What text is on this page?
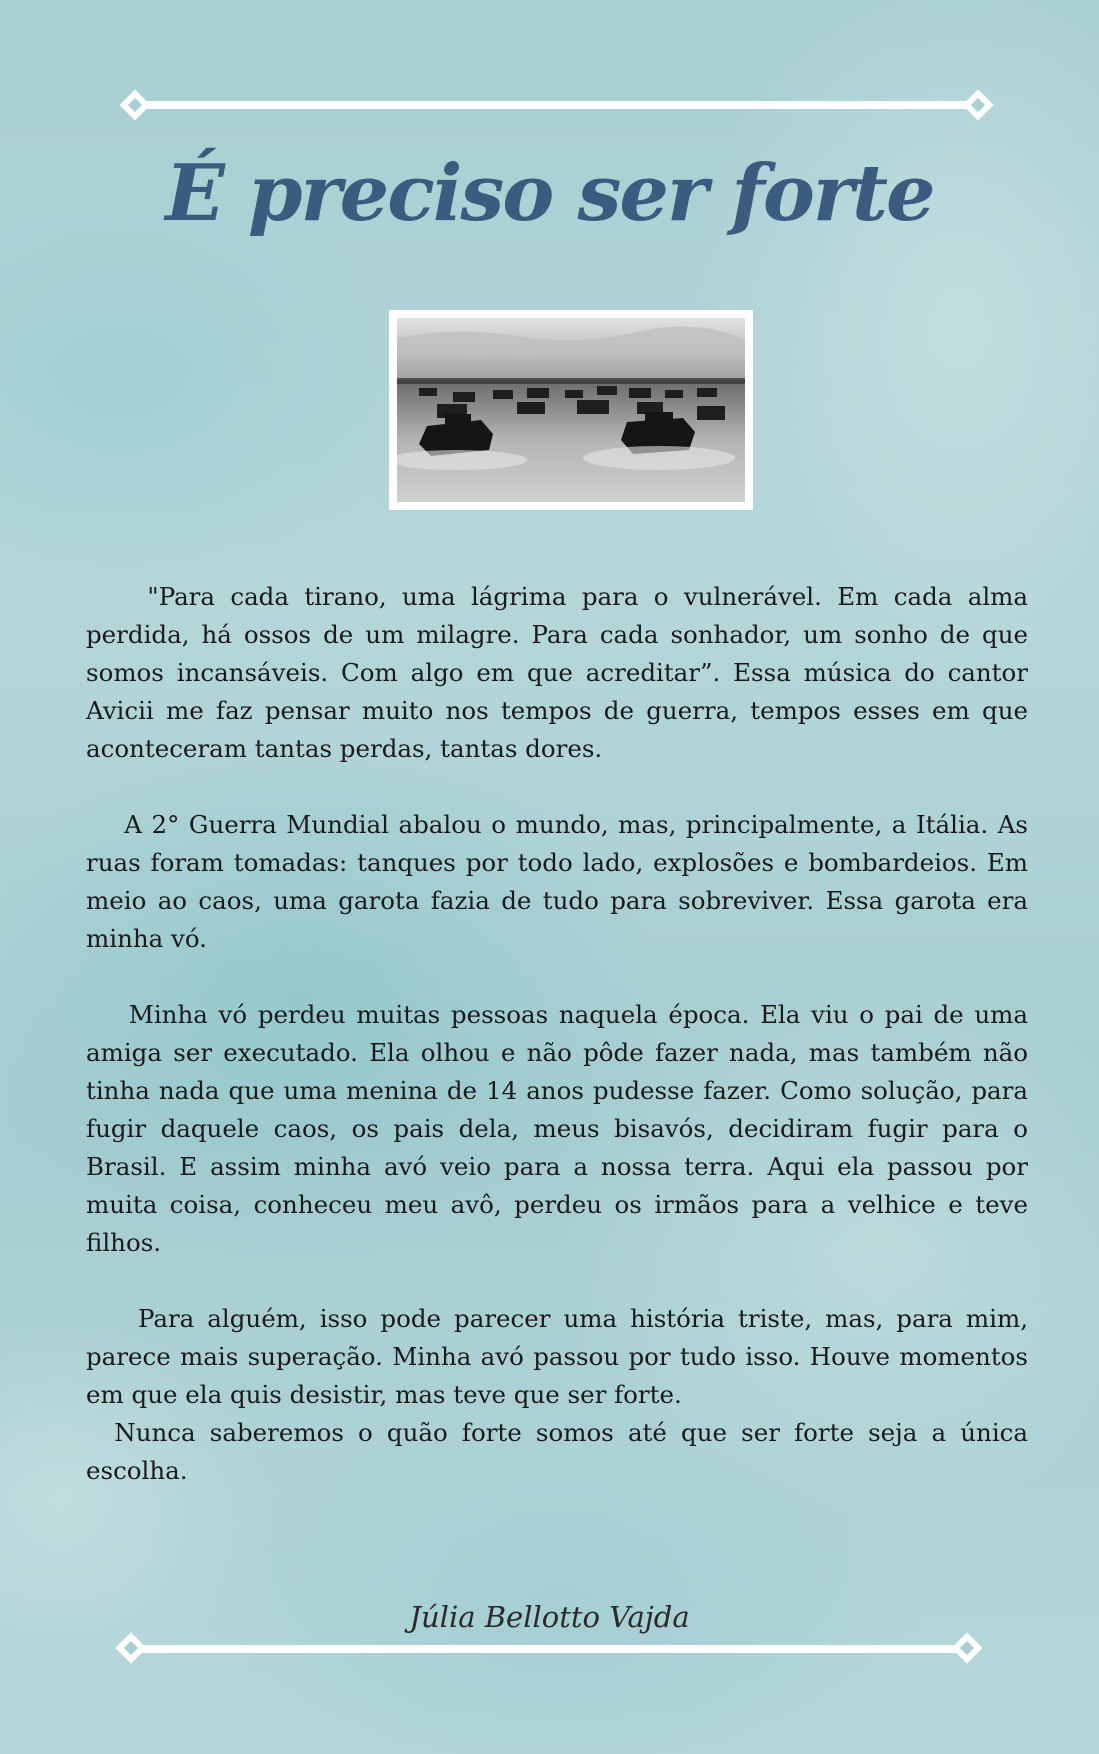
É preciso ser forte

"Para cada tirano, uma lágrima para o vulnerável. Em cada alma perdida, há ossos de um milagre. Para cada sonhador, um sonho de que somos incansáveis. Com algo em que acreditar”. Essa música do cantor Avicii me faz pensar muito nos tempos de guerra, tempos esses em que aconteceram tantas perdas, tantas dores.

A 2° Guerra Mundial abalou o mundo, mas, principalmente, a Itália. As ruas foram tomadas: tanques por todo lado, explosões e bombardeios. Em meio ao caos, uma garota fazia de tudo para sobreviver. Essa garota era minha vó.

Minha vó perdeu muitas pessoas naquela época. Ela viu o pai de uma amiga ser executado. Ela olhou e não pôde fazer nada, mas também não tinha nada que uma menina de 14 anos pudesse fazer. Como solução, para fugir daquele caos, os pais dela, meus bisavós, decidiram fugir para o Brasil. E assim minha avó veio para a nossa terra. Aqui ela passou por muita coisa, conheceu meu avô, perdeu os irmãos para a velhice e teve filhos.

Para alguém, isso pode parecer uma história triste, mas, para mim, parece mais superação. Minha avó passou por tudo isso. Houve momentos em que ela quis desistir, mas teve que ser forte.

Nunca saberemos o quão forte somos até que ser forte seja a única escolha.

Júlia Bellotto Vajda
